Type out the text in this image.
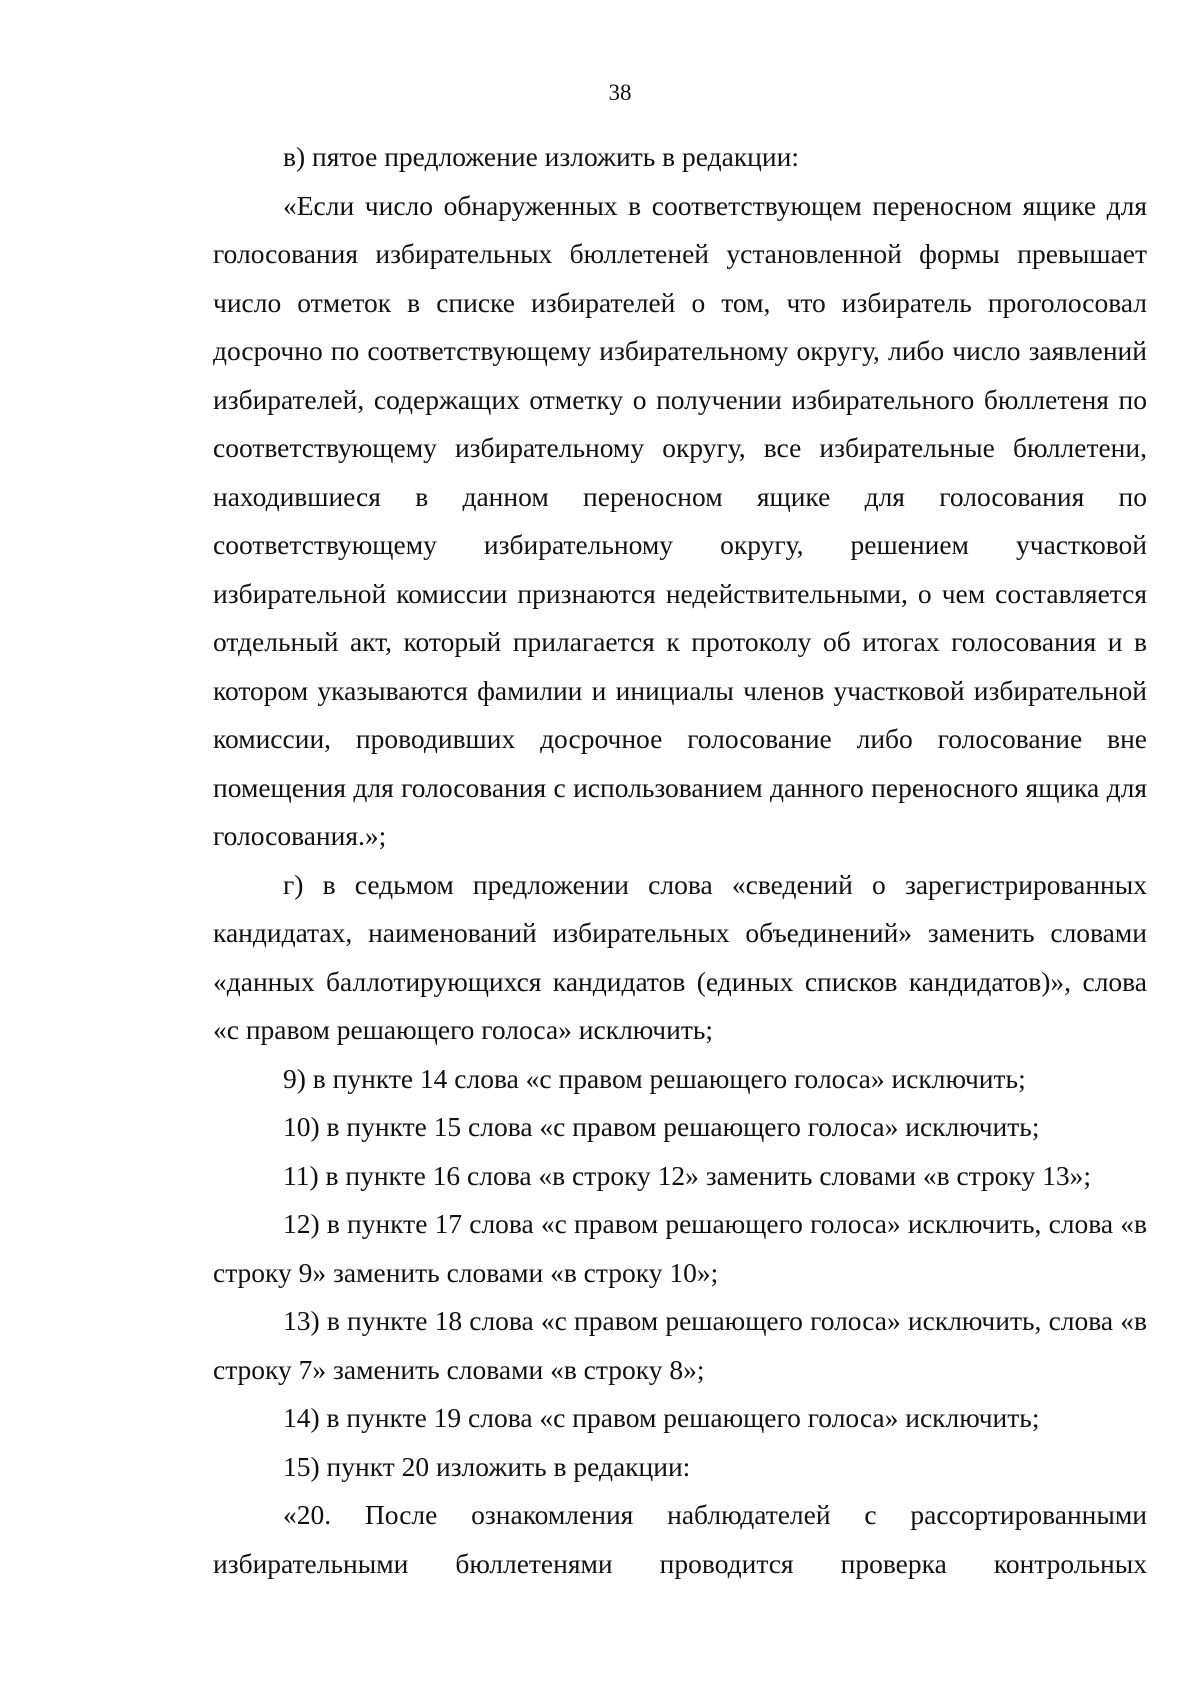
38

в) пятое предложение изложить в редакции:

«Если число обнаруженных в соответствующем переносном ящике для голосования избирательных бюллетеней установленной формы превышает число отметок в списке избирателей о том, что избиратель проголосовал досрочно по соответствующему избирательному округу, либо число заявлений избирателей, содержащих отметку о получении избирательного бюллетеня по соответствующему избирательному округу, все избирательные бюллетени, находившиеся в данном переносном ящике для голосования по соответствующему избирательному округу, решением участковой избирательной комиссии признаются недействительными, о чем составляется отдельный акт, который прилагается к протоколу об итогах голосования и в котором указываются фамилии и инициалы членов участковой избирательной комиссии, проводивших досрочное голосование либо голосование вне помещения для голосования с использованием данного переносного ящика для голосования.»;

г) в седьмом предложении слова «сведений о зарегистрированных кандидатах, наименований избирательных объединений» заменить словами «данных баллотирующихся кандидатов (единых списков кандидатов)», слова «с правом решающего голоса» исключить;

9) в пункте 14 слова «с правом решающего голоса» исключить;

10) в пункте 15 слова «с правом решающего голоса» исключить;

11) в пункте 16 слова «в строку 12» заменить словами «в строку 13»;

12) в пункте 17 слова «с правом решающего голоса» исключить, слова «в строку 9» заменить словами «в строку 10»;

13) в пункте 18 слова «с правом решающего голоса» исключить, слова «в строку 7» заменить словами «в строку 8»;

14) в пункте 19 слова «с правом решающего голоса» исключить;

15) пункт 20 изложить в редакции:

«20. После ознакомления наблюдателей с рассортированными избирательными бюллетенями проводится проверка контрольных
